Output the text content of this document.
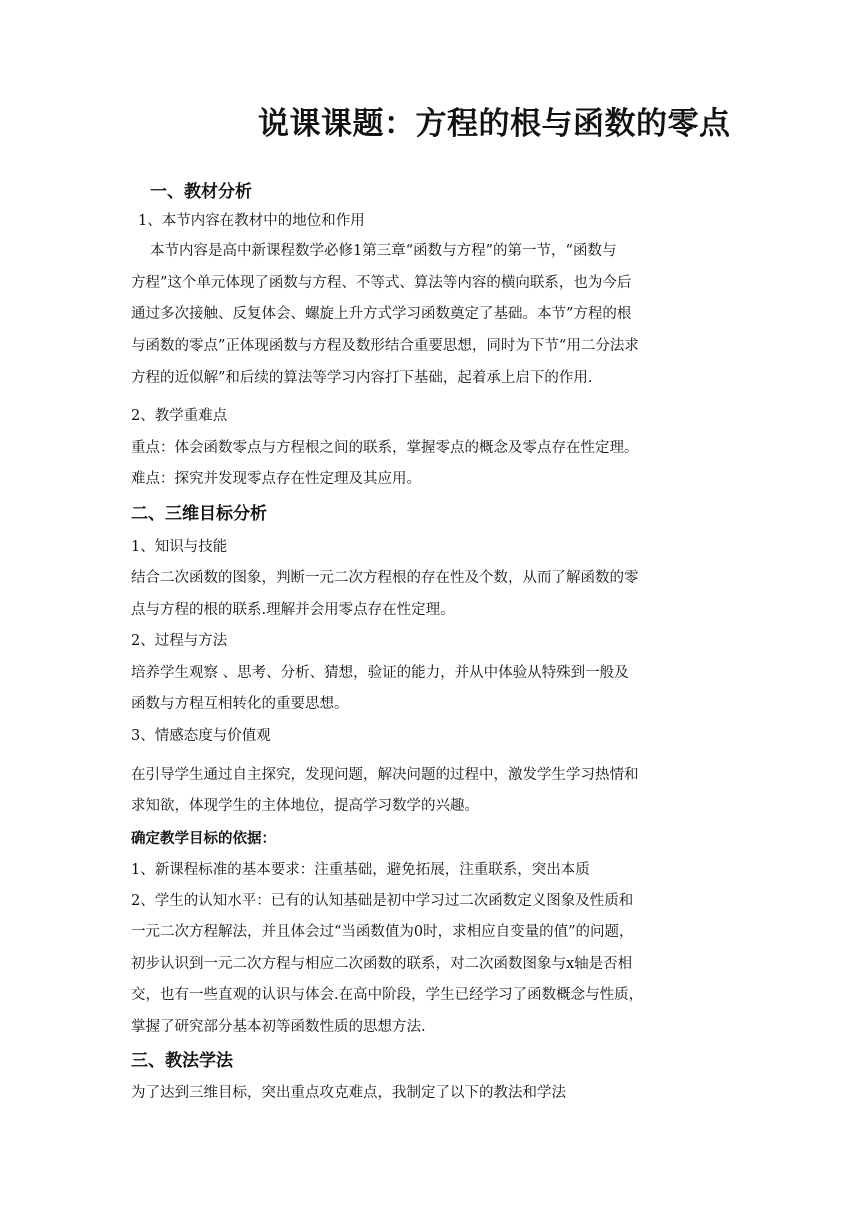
说课课题：方程的根与函数的零点
一、教材分析
1、本节内容在教材中的地位和作用
本节内容是高中新课程数学必修1第三章“函数与方程”的第一节，“函数与
方程”这个单元体现了函数与方程、不等式、算法等内容的横向联系，也为今后
通过多次接触、反复体会、螺旋上升方式学习函数奠定了基础。本节”方程的根
与函数的零点”正体现函数与方程及数形结合重要思想，同时为下节“用二分法求
方程的近似解”和后续的算法等学习内容打下基础，起着承上启下的作用.
2、教学重难点
重点：体会函数零点与方程根之间的联系，掌握零点的概念及零点存在性定理。
难点：探究并发现零点存在性定理及其应用。
二、三维目标分析
1、知识与技能
结合二次函数的图象，判断一元二次方程根的存在性及个数，从而了解函数的零
点与方程的根的联系.理解并会用零点存在性定理。
2、过程与方法
培养学生观察 、思考、分析、猜想，验证的能力，并从中体验从特殊到一般及
函数与方程互相转化的重要思想。
3、情感态度与价值观
在引导学生通过自主探究，发现问题，解决问题的过程中，激发学生学习热情和
求知欲，体现学生的主体地位，提高学习数学的兴趣。
确定教学目标的依据：
1、新课程标准的基本要求：注重基础，避免拓展，注重联系，突出本质
2、学生的认知水平：已有的认知基础是初中学习过二次函数定义图象及性质和
一元二次方程解法，并且体会过“当函数值为0时，求相应自变量的值”的问题，
初步认识到一元二次方程与相应二次函数的联系，对二次函数图象与x轴是否相
交，也有一些直观的认识与体会.在高中阶段，学生已经学习了函数概念与性质，
掌握了研究部分基本初等函数性质的思想方法.
三、教法学法
为了达到三维目标，突出重点攻克难点，我制定了以下的教法和学法
